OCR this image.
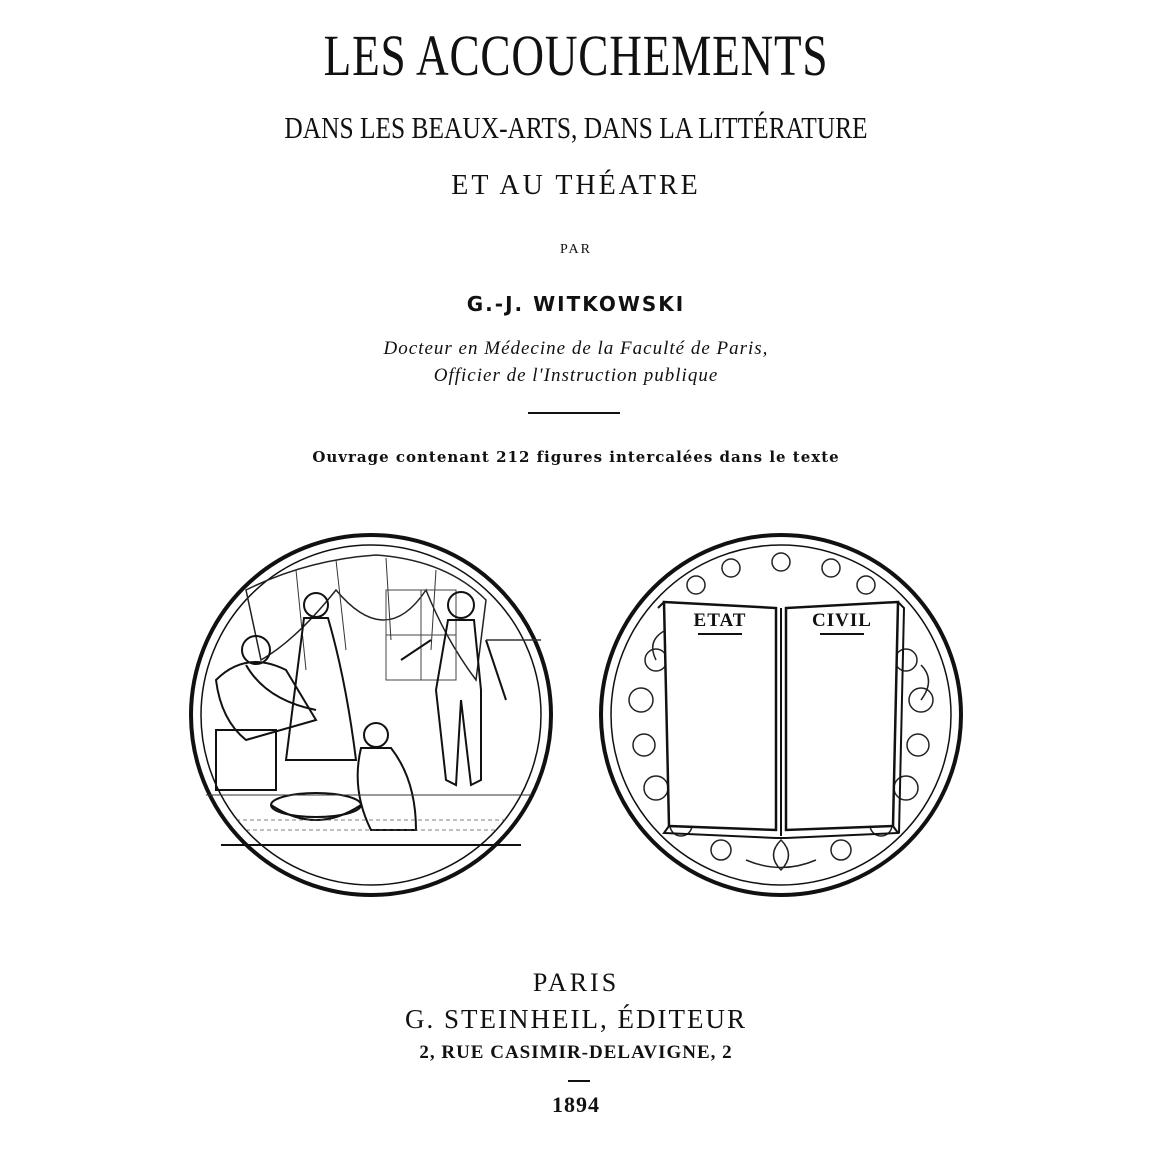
LES ACCOUCHEMENTS
DANS LES BEAUX-ARTS, DANS LA LITTÉRATURE
ET AU THÉATRE
PAR
G.-J. WITKOWSKI
Docteur en Médecine de la Faculté de Paris,
Officier de l'Instruction publique
Ouvrage contenant 212 figures intercalées dans le texte
ETAT	CIVIL
PARIS
G. STEINHEIL, ÉDITEUR
2, RUE CASIMIR-DELAVIGNE, 2
1894
